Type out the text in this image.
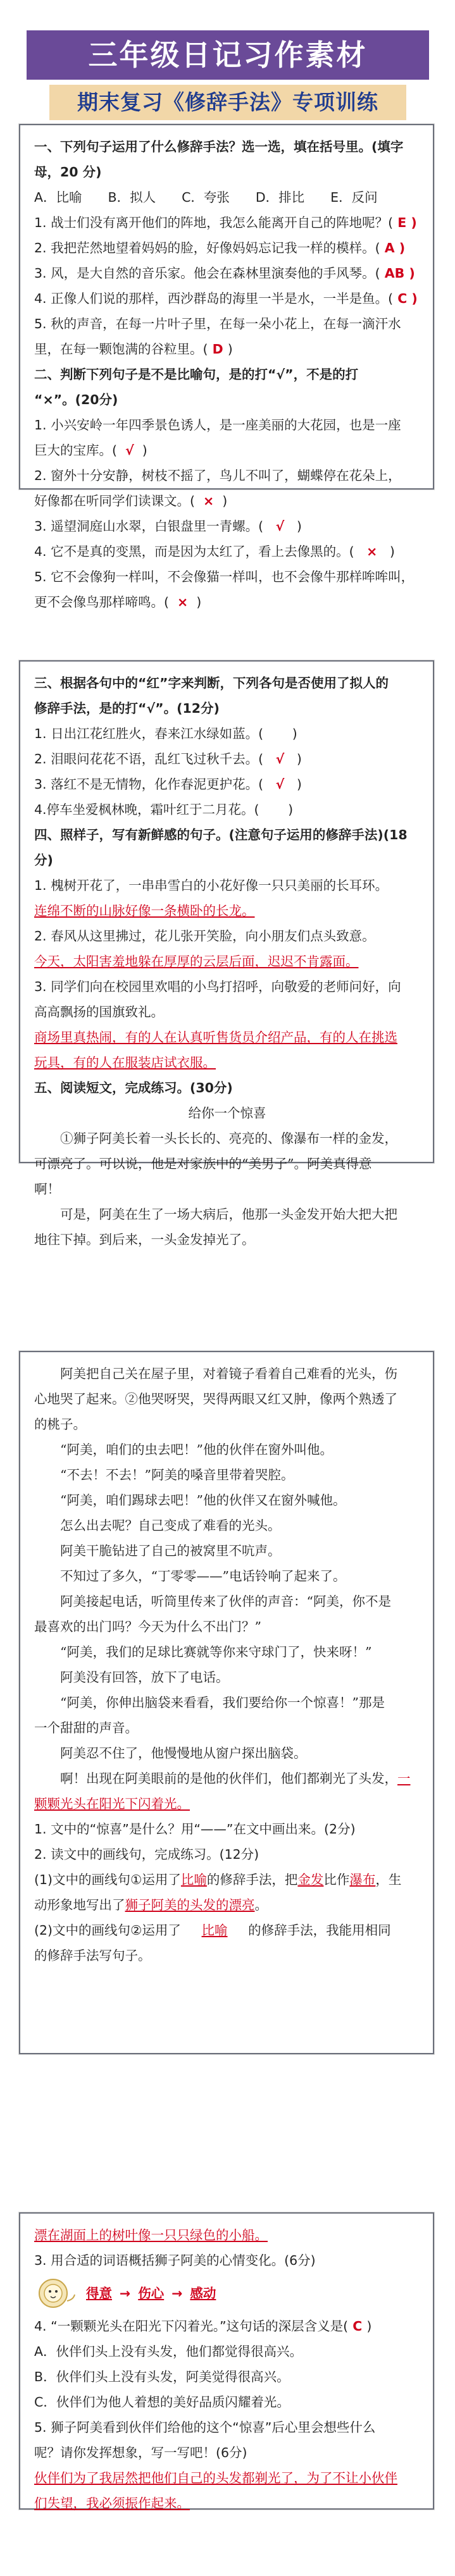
三年级日记习作素材
期末复习《修辞手法》专项训练

一、下列句子运用了什么修辞手法？选一选，填在括号里。(填字

母，20 分)

A．比喻　　B．拟人　　C．夸张　　D．排比　　E．反问

1. 战士们没有离开他们的阵地，我怎么能离开自己的阵地呢？( E )

2. 我把茫然地望着妈妈的脸，好像妈妈忘记我一样的模样。( A )

3. 风，是大自然的音乐家。他会在森林里演奏他的手风琴。( AB )

4. 正像人们说的那样，西沙群岛的海里一半是水，一半是鱼。( C )

5. 秋的声音，在每一片叶子里，在每一朵小花上，在每一滴汗水

里，在每一颗饱满的谷粒里。( D )

二、判断下列句子是不是比喻句，是的打“√”，不是的打

“×”。(20分)

1. 小兴安岭一年四季景色诱人，是一座美丽的大花园，也是一座

巨大的宝库。( √  )

2. 窗外十分安静，树枝不摇了，鸟儿不叫了，蝴蝶停在花朵上，

好像都在听同学们读课文。( ×  )

3. 遥望洞庭山水翠，白银盘里一青螺。( √   )

4. 它不是真的变黑，而是因为太红了，看上去像黑的。( ×   )

5. 它不会像狗一样叫，不会像猫一样叫，也不会像牛那样哞哞叫，

更不会像鸟那样啼鸣。( ×  )

三、根据各句中的“红”字来判断，下列各句是否使用了拟人的

修辞手法，是的打“√”。(12分)

1. 日出江花红胜火，春来江水绿如蓝。(       )

2. 泪眼问花花不语，乱红飞过秋千去。( √   )

3. 落红不是无情物，化作春泥更护花。( √   )

4.停车坐爱枫林晚，霜叶红于二月花。(       )

四、照样子，写有新鲜感的句子。(注意句子运用的修辞手法)(18

分)

1. 槐树开花了，一串串雪白的小花好像一只只美丽的长耳环。

连绵不断的山脉好像一条横卧的长龙。

2. 春风从这里拂过，花儿张开笑脸，向小朋友们点头致意。

今天，太阳害羞地躲在厚厚的云层后面，迟迟不肯露面。

3. 同学们向在校园里欢唱的小鸟打招呼，向敬爱的老师问好，向

高高飘扬的国旗致礼。

商场里真热闹，有的人在认真听售货员介绍产品，有的人在挑选

玩具，有的人在服装店试衣服。

五、阅读短文，完成练习。(30分)

给你一个惊喜

①狮子阿美长着一头长长的、亮亮的、像瀑布一样的金发，

可漂亮了。可以说，他是对家族中的“美男子”。阿美真得意

啊！

可是，阿美在生了一场大病后，他那一头金发开始大把大把

地往下掉。到后来，一头金发掉光了。

阿美把自己关在屋子里，对着镜子看着自己难看的光头，伤

心地哭了起来。②他哭呀哭，哭得两眼又红又肿，像两个熟透了

的桃子。

“阿美，咱们的虫去吧！”他的伙伴在窗外叫他。

“不去！不去！”阿美的嗓音里带着哭腔。

“阿美，咱们踢球去吧！”他的伙伴又在窗外喊他。

怎么出去呢？自己变成了难看的光头。

阿美干脆钻进了自己的被窝里不吭声。

不知过了多久，“丁零零——”电话铃响了起来了。

阿美接起电话，听筒里传来了伙伴的声音：“阿美，你不是

最喜欢的出门吗？今天为什么不出门？”

“阿美，我们的足球比赛就等你来守球门了，快来呀！”

阿美没有回答，放下了电话。

“阿美，你伸出脑袋来看看，我们要给你一个惊喜！”那是

一个甜甜的声音。

阿美忍不住了，他慢慢地从窗户探出脑袋。

啊！出现在阿美眼前的是他的伙伴们，他们都剃光了头发，一

颗颗光头在阳光下闪着光。

1. 文中的“惊喜”是什么？用“——”在文中画出来。(2分)

2. 读文中的画线句，完成练习。(12分)

(1)文中的画线句①运用了比喻的修辞手法，把金发比作瀑布，生

动形象地写出了狮子阿美的头发的漂亮。

(2)文中的画线句②运用了 比喻 的修辞手法，我能用相同

的修辞手法写句子。

漂在湖面上的树叶像一只只绿色的小船。

3. 用合适的词语概括狮子阿美的心情变化。(6分)

得意 → 伤心 → 感动

4. “一颗颗光头在阳光下闪着光。”这句话的深层含义是( C )

A．伙伴们头上没有头发，他们都觉得很高兴。

B．伙伴们头上没有头发，阿美觉得很高兴。

C．伙伴们为他人着想的美好品质闪耀着光。

5. 狮子阿美看到伙伴们给他的这个“惊喜”后心里会想些什么

呢？请你发挥想象，写一写吧！(6分)

伙伴们为了我居然把他们自己的头发都剃光了，为了不让小伙伴

们失望，我必须振作起来。
